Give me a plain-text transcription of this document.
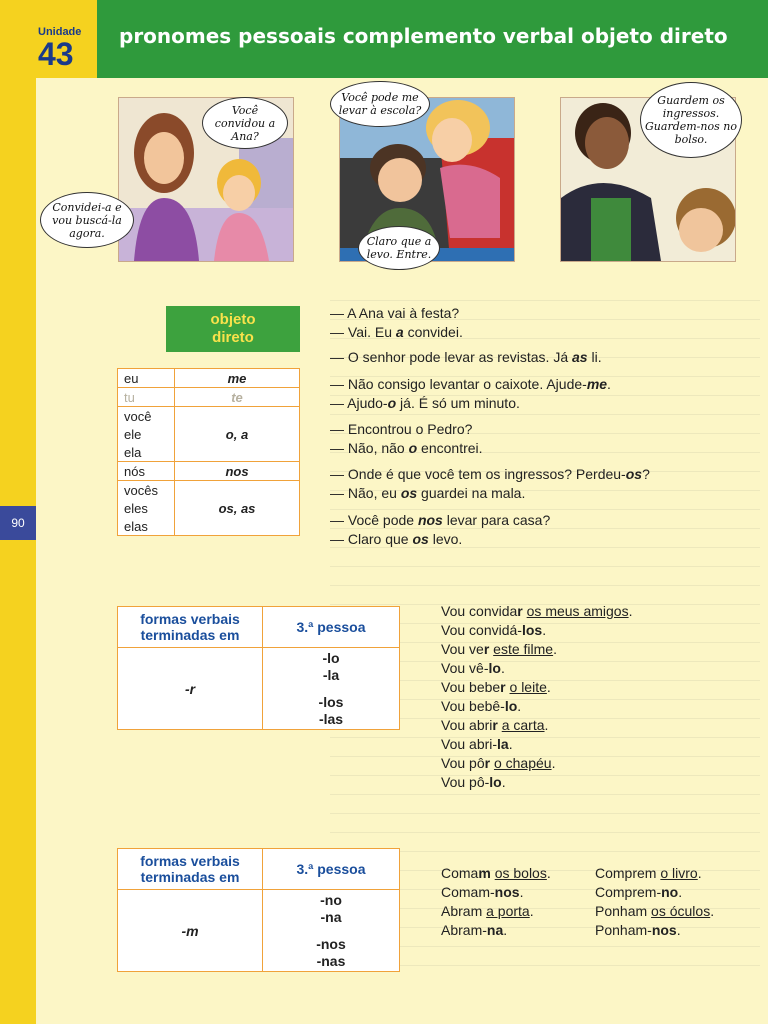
Unidade
43 pronomes pessoais complemento verbal objeto direto
90
Você convidou a Ana?
Convidei-a e vou buscá-la agora.
Você pode me levar à escola?
Claro que a levo. Entre.
Guardem os ingressos. Guardem-nos no bolso.
objeto
direto
eu	me
tu	te
você	o, a
ele	
ela	
nós	nos
vocês	os, as
eles	
elas	
— A Ana vai à festa?
— Vai. Eu a convidei.
— O senhor pode levar as revistas. Já as li.
— Não consigo levantar o caixote. Ajude-me.
— Ajudo-o já. É só um minuto.
— Encontrou o Pedro?
— Não, não o encontrei.
— Onde é que você tem os ingressos? Perdeu-os?
— Não, eu os guardei na mala.
— Você pode nos levar para casa?
— Claro que os levo.
formas verbais terminadas em	3.ª pessoa
-r	-lo
-la
-los
-las
Vou convidar os meus amigos.
Vou convidá-los.
Vou ver este filme.
Vou vê-lo.
Vou beber o leite.
Vou bebê-lo.
Vou abrir a carta.
Vou abri-la.
Vou pôr o chapéu.
Vou pô-lo.
formas verbais terminadas em	3.ª pessoa
-m	-no
-na
-nos
-nas
Comam os bolos.
Comam-nos.
Abram a porta.
Abram-na.
Comprem o livro.
Comprem-no.
Ponham os óculos.
Ponham-nos.
